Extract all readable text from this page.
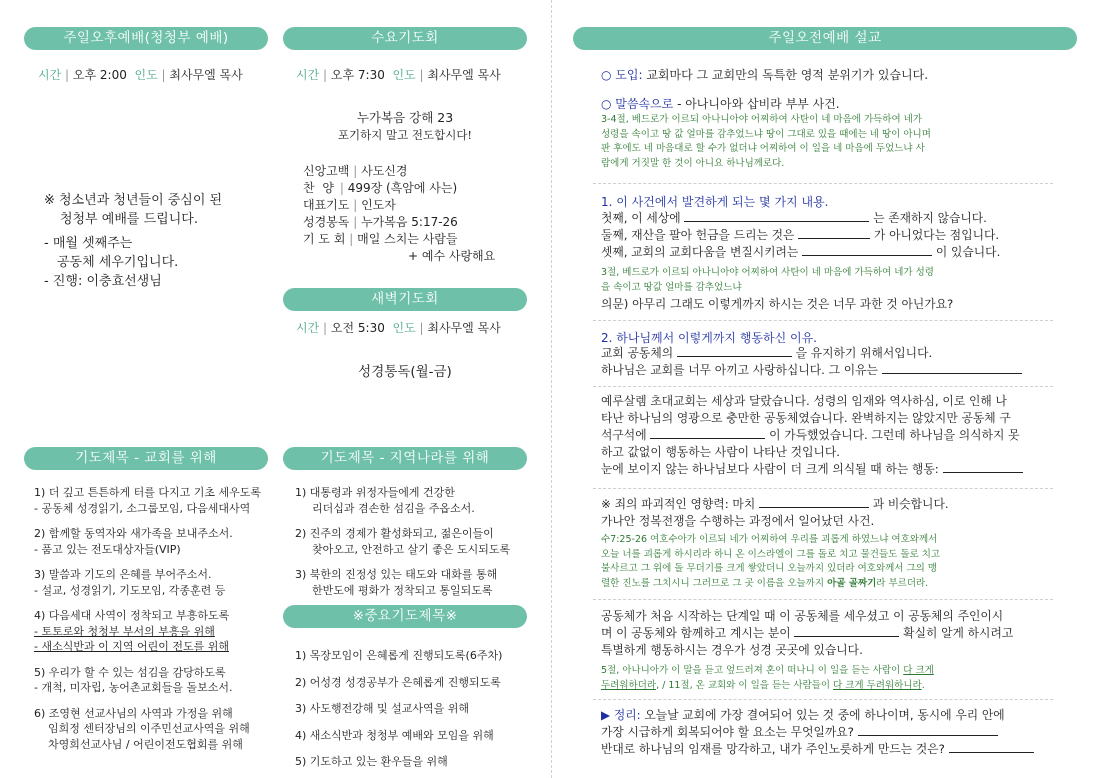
주일오후예배(청청부 예배)
시간 | 오후 2:00 인도 | 최사무엘 목사
※ 청소년과 청년들이 중심이 된
청청부 예배를 드립니다.
- 매월 셋째주는
공동체 세우기입니다.
- 진행: 이충효선생님
기도제목 - 교회를 위해

1) 더 깊고 튼튼하게 터를 다지고 기초 세우도록

- 공동체 성경읽기, 소그룹모임, 다음세대사역

2) 함께할 동역자와 새가족을 보내주소서.

- 품고 있는 전도대상자들(VIP)

3) 말씀과 기도의 은혜를 부어주소서.

- 설교, 성경읽기, 기도모임, 각종훈련 등

4) 다음세대 사역이 정착되고 부흥하도록

- 토토로와 청청부 부서의 부흥을 위해

- 새소식반과 이 지역 어린이 전도를 위해

5) 우리가 할 수 있는 섬김을 감당하도록

- 개척, 미자립, 농어촌교회들을 돌보소서.

6) 조영현 선교사님의 사역과 가정을 위해

임희정 센터장님의 이주민선교사역을 위해

차영희선교사님 / 어린이전도협회를 위해

수요기도회
시간 | 오후 7:30 인도 | 최사무엘 목사
누가복음 강해 23
포기하지 말고 전도합시다!
신앙고백 | 사도신경
찬 양 | 499장 (흑암에 사는)
대표기도 | 인도자
성경봉독 | 누가복음 5:17-26
기 도 회 | 매일 스치는 사람들
+ 예수 사랑해요
새벽기도회
시간 | 오전 5:30 인도 | 최사무엘 목사
성경통독(월-금)
기도제목 - 지역나라를 위해

1) 대통령과 위정자들에게 건강한

리더십과 겸손한 섬김을 주옵소서.

2) 진주의 경제가 활성화되고, 젊은이들이

찾아오고, 안전하고 살기 좋은 도시되도록

3) 북한의 진정성 있는 태도와 대화를 통해

한반도에 평화가 정착되고 통일되도록

※중요기도제목※
1) 목장모임이 은혜롭게 진행되도록(6주차)
2) 어성경 성경공부가 은혜롭게 진행되도록
3) 사도행전강해 및 설교사역을 위해
4) 새소식반과 청청부 예배와 모임을 위해
5) 기도하고 있는 환우들을 위해
주일오전예배 설교
○ 도입: 교회마다 그 교회만의 독특한 영적 분위기가 있습니다.
○ 말씀속으로 - 아나니아와 삽비라 부부 사건.
3-4절, 베드로가 이르되 아나니아야 어찌하여 사탄이 네 마음에 가득하여 네가
성령을 속이고 땅 값 얼마를 감추었느냐 땅이 그대로 있을 때에는 네 땅이 아니며
판 후에도 네 마음대로 할 수가 없더냐 어찌하여 이 일을 네 마음에 두었느냐 사
람에게 거짓말 한 것이 아니요 하나님께로다.
1. 이 사건에서 발견하게 되는 몇 가지 내용.
첫째, 이 세상에	는 존재하지 않습니다.
둘째, 재산을 팔아 헌금을 드리는 것은	가 아니었다는 점입니다.
셋째, 교회의 교회다움을 변질시키려는	이 있습니다.
3절, 베드로가 이르되 아나니아야 어찌하여 사탄이 네 마음에 가득하여 네가 성령
을 속이고 땅값 얼마를 감추었느냐
의문) 아무리 그래도 이렇게까지 하시는 것은 너무 과한 것 아닌가요?
2. 하나님께서 이렇게까지 행동하신 이유.
교회 공동체의	을 유지하기 위해서입니다.
하나님은 교회를 너무 아끼고 사랑하십니다. 그 이유는
예루살렘 초대교회는 세상과 달랐습니다. 성령의 임재와 역사하심, 이로 인해 나
타난 하나님의 영광으로 충만한 공동체였습니다. 완벽하지는 않았지만 공동체 구
석구석에	이 가득했었습니다. 그런데 하나님을 의식하지 못
하고 값없이 행동하는 사람이 나타난 것입니다.
눈에 보이지 않는 하나님보다 사람이 더 크게 의식될 때 하는 행동:
※ 죄의 파괴적인 영향력: 마치	과 비슷합니다.
가나안 정복전쟁을 수행하는 과정에서 일어났던 사건.
수7:25-26 여호수아가 이르되 네가 어찌하여 우리를 괴롭게 하였느냐 여호와께서
오늘 너를 괴롭게 하시리라 하니 온 이스라엘이 그를 돌로 치고 물건들도 돌로 치고
불사르고 그 위에 돌 무더기를 크게 쌓았더니 오늘까지 있더라 여호와께서 그의 맹
렬한 진노를 그치시니 그러므로 그 곳 이름을 오늘까지 아골 골짜기라 부르더라.
공동체가 처음 시작하는 단계일 때 이 공동체를 세우셨고 이 공동체의 주인이시
며 이 공동체와 함께하고 계시는 분이	확실히 알게 하시려고
특별하게 행동하시는 경우가 성경 곳곳에 있습니다.
5절, 아나니아가 이 말을 듣고 엎드러져 혼이 떠나니 이 일을 듣는 사람이 다 크게
두려워하더라, / 11절, 온 교회와 이 일을 듣는 사람들이 다 크게 두려워하니라.
▶ 정리: 오늘날 교회에 가장 결여되어 있는 것 중에 하나이며, 동시에 우리 안에
가장 시급하게 회복되어야 할 요소는 무엇일까요?
반대로 하나님의 임재를 망각하고, 내가 주인노릇하게 만드는 것은?
